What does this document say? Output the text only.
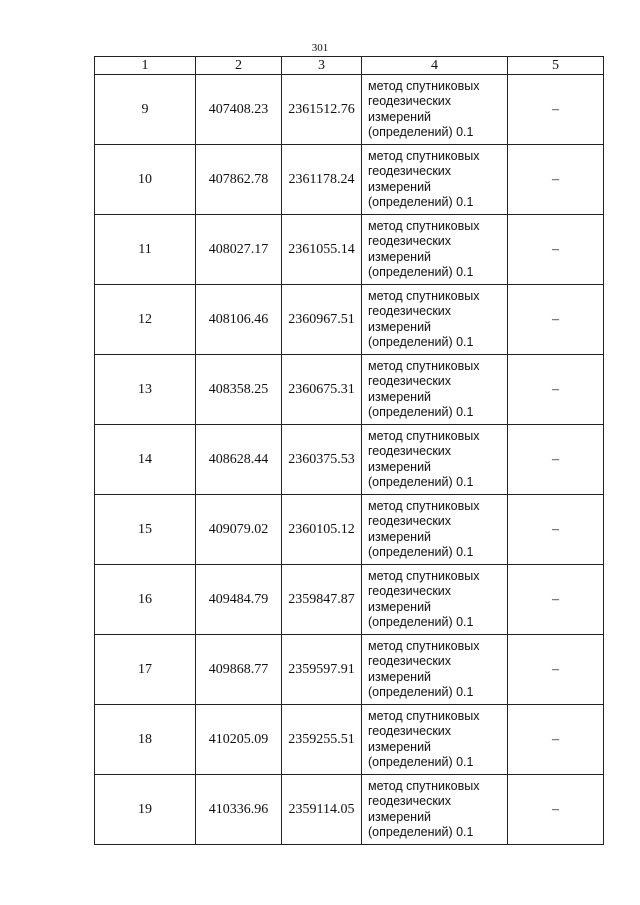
301
1	2	3	4	5
9	407408.23	2361512.76	метод спутниковых
геодезических
измерений
(определений) 0.1	–
10	407862.78	2361178.24	метод спутниковых
геодезических
измерений
(определений) 0.1	–
11	408027.17	2361055.14	метод спутниковых
геодезических
измерений
(определений) 0.1	–
12	408106.46	2360967.51	метод спутниковых
геодезических
измерений
(определений) 0.1	–
13	408358.25	2360675.31	метод спутниковых
геодезических
измерений
(определений) 0.1	–
14	408628.44	2360375.53	метод спутниковых
геодезических
измерений
(определений) 0.1	–
15	409079.02	2360105.12	метод спутниковых
геодезических
измерений
(определений) 0.1	–
16	409484.79	2359847.87	метод спутниковых
геодезических
измерений
(определений) 0.1	–
17	409868.77	2359597.91	метод спутниковых
геодезических
измерений
(определений) 0.1	–
18	410205.09	2359255.51	метод спутниковых
геодезических
измерений
(определений) 0.1	–
19	410336.96	2359114.05	метод спутниковых
геодезических
измерений
(определений) 0.1	–
